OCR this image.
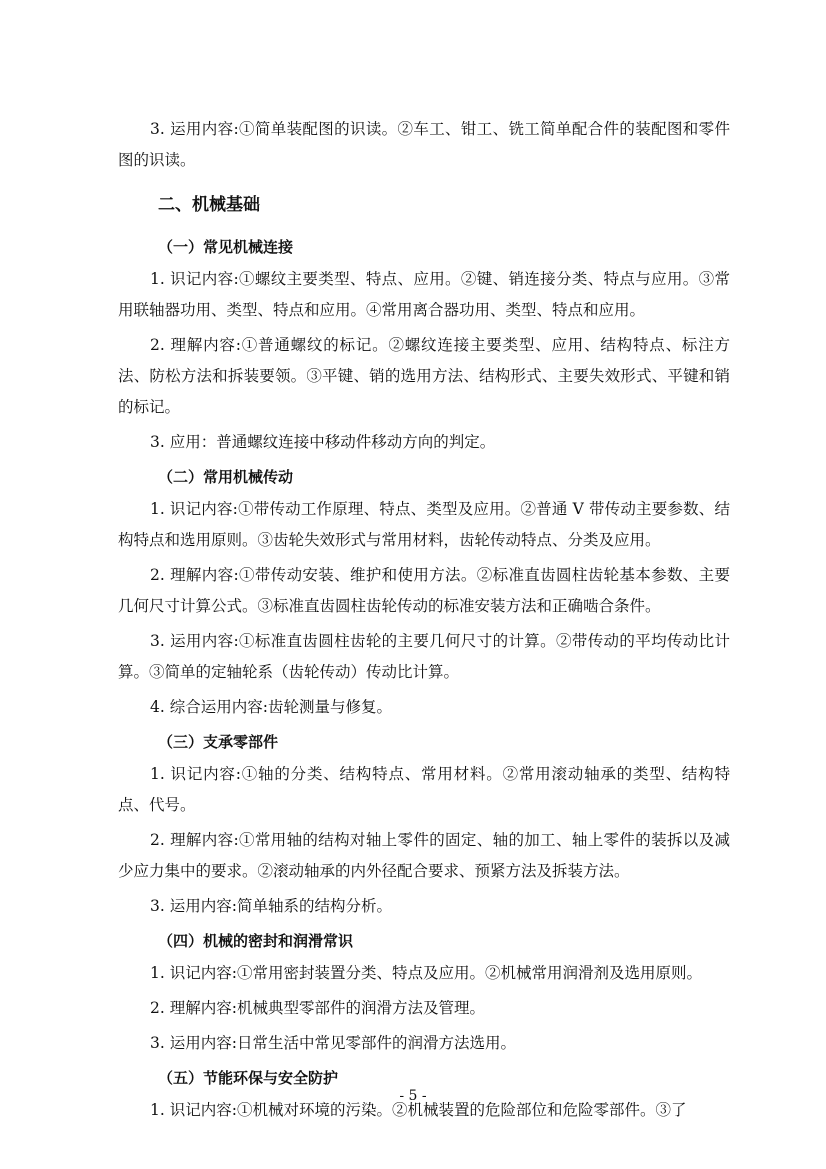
3. 运用内容:①简单装配图的识读。②车工、钳工、铣工简单配合件的装配图和零件图的识读。

二、机械基础
（一）常见机械连接

1. 识记内容:①螺纹主要类型、特点、应用。②键、销连接分类、特点与应用。③常用联轴器功用、类型、特点和应用。④常用离合器功用、类型、特点和应用。

2. 理解内容:①普通螺纹的标记。②螺纹连接主要类型、应用、结构特点、标注方法、防松方法和拆装要领。③平键、销的选用方法、结构形式、主要失效形式、平键和销的标记。

3. 应用：普通螺纹连接中移动件移动方向的判定。

（二）常用机械传动

1. 识记内容:①带传动工作原理、特点、类型及应用。②普通 V 带传动主要参数、结构特点和选用原则。③齿轮失效形式与常用材料，齿轮传动特点、分类及应用。

2. 理解内容:①带传动安装、维护和使用方法。②标准直齿圆柱齿轮基本参数、主要几何尺寸计算公式。③标准直齿圆柱齿轮传动的标准安装方法和正确啮合条件。

3. 运用内容:①标准直齿圆柱齿轮的主要几何尺寸的计算。②带传动的平均传动比计算。③简单的定轴轮系（齿轮传动）传动比计算。

4. 综合运用内容:齿轮测量与修复。

（三）支承零部件

1. 识记内容:①轴的分类、结构特点、常用材料。②常用滚动轴承的类型、结构特点、代号。

2. 理解内容:①常用轴的结构对轴上零件的固定、轴的加工、轴上零件的装拆以及减少应力集中的要求。②滚动轴承的内外径配合要求、预紧方法及拆装方法。

3. 运用内容:简单轴系的结构分析。

（四）机械的密封和润滑常识

1. 识记内容:①常用密封装置分类、特点及应用。②机械常用润滑剂及选用原则。

2. 理解内容:机械典型零部件的润滑方法及管理。

3. 运用内容:日常生活中常见零部件的润滑方法选用。

（五）节能环保与安全防护

1. 识记内容:①机械对环境的污染。②机械装置的危险部位和危险零部件。③了

- 5 -
